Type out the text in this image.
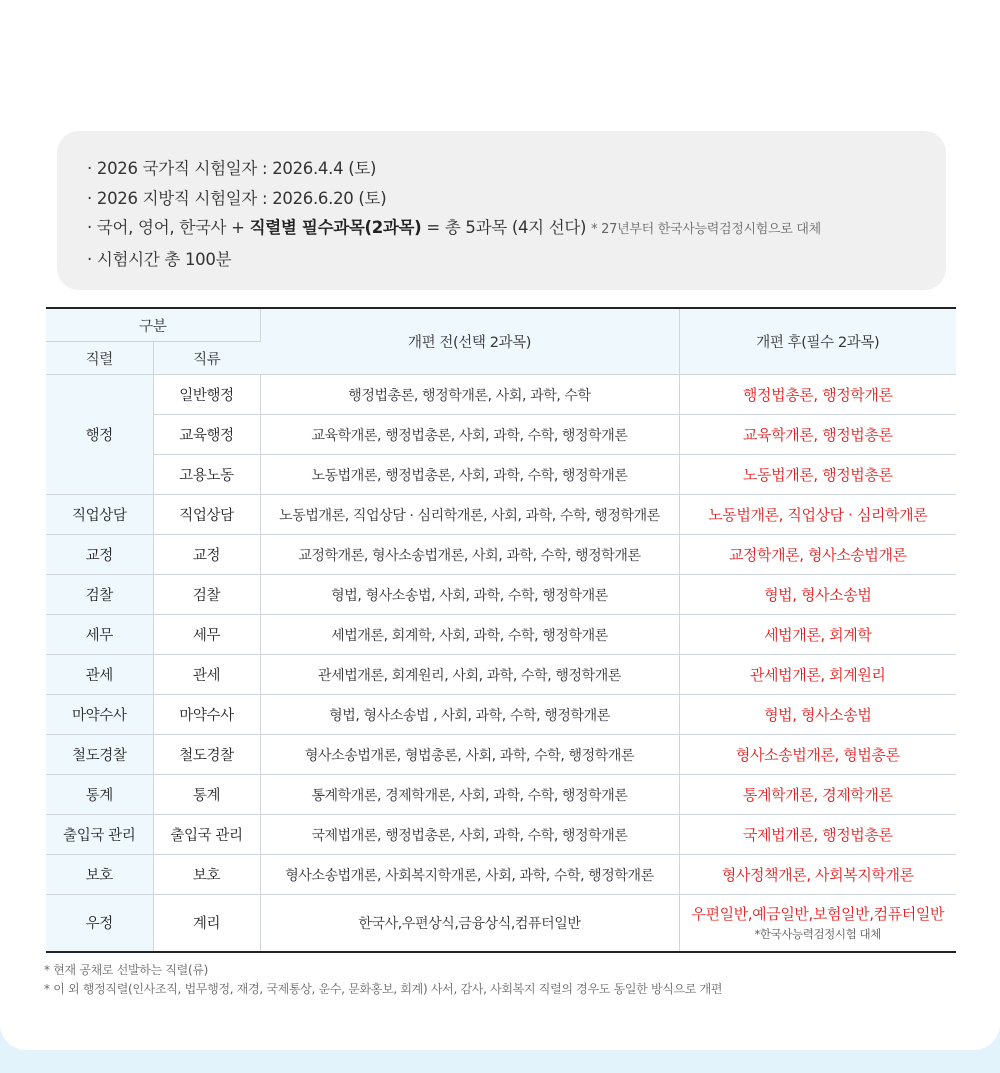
· 2026 국가직 시험일자 : 2026.4.4 (토)
· 2026 지방직 시험일자 : 2026.6.20 (토)
· 국어, 영어, 한국사 + 직렬별 필수과목(2과목) = 총 5과목 (4지 선다) * 27년부터 한국사능력검정시험으로 대체
· 시험시간 총 100분
구분		개편 전(선택 2과목)	개편 후(필수 2과목)
직렬	직류		
행정	일반행정	행정법총론, 행정학개론, 사회, 과학, 수학	행정법총론, 행정학개론
	교육행정	교육학개론, 행정법총론, 사회, 과학, 수학, 행정학개론	교육학개론, 행정법총론
	고용노동	노동법개론, 행정법총론, 사회, 과학, 수학, 행정학개론	노동법개론, 행정법총론
직업상담	직업상담	노동법개론, 직업상담 · 심리학개론, 사회, 과학, 수학, 행정학개론	노동법개론, 직업상담 · 심리학개론
교정	교정	교정학개론, 형사소송법개론, 사회, 과학, 수학, 행정학개론	교정학개론, 형사소송법개론
검찰	검찰	형법, 형사소송법, 사회, 과학, 수학, 행정학개론	형법, 형사소송법
세무	세무	세법개론, 회계학, 사회, 과학, 수학, 행정학개론	세법개론, 회계학
관세	관세	관세법개론, 회계원리, 사회, 과학, 수학, 행정학개론	관세법개론, 회계원리
마약수사	마약수사	형법, 형사소송법 , 사회, 과학, 수학, 행정학개론	형법, 형사소송법
철도경찰	철도경찰	형사소송법개론, 형법총론, 사회, 과학, 수학, 행정학개론	형사소송법개론, 형법총론
통계	통계	통계학개론, 경제학개론, 사회, 과학, 수학, 행정학개론	통계학개론, 경제학개론
출입국 관리	출입국 관리	국제법개론, 행정법총론, 사회, 과학, 수학, 행정학개론	국제법개론, 행정법총론
보호	보호	형사소송법개론, 사회복지학개론, 사회, 과학, 수학, 행정학개론	형사정책개론, 사회복지학개론
우정	계리	한국사,우편상식,금융상식,컴퓨터일반	우편일반,예금일반,보험일반,컴퓨터일반
*한국사능력검정시험 대체
* 현재 공채로 선발하는 직렬(류)
* 이 외 행정직렬(인사조직, 법무행정, 재경, 국제통상, 운수, 문화홍보, 회계) 사서, 감사, 사회복지 직렬의 경우도 동일한 방식으로 개편
